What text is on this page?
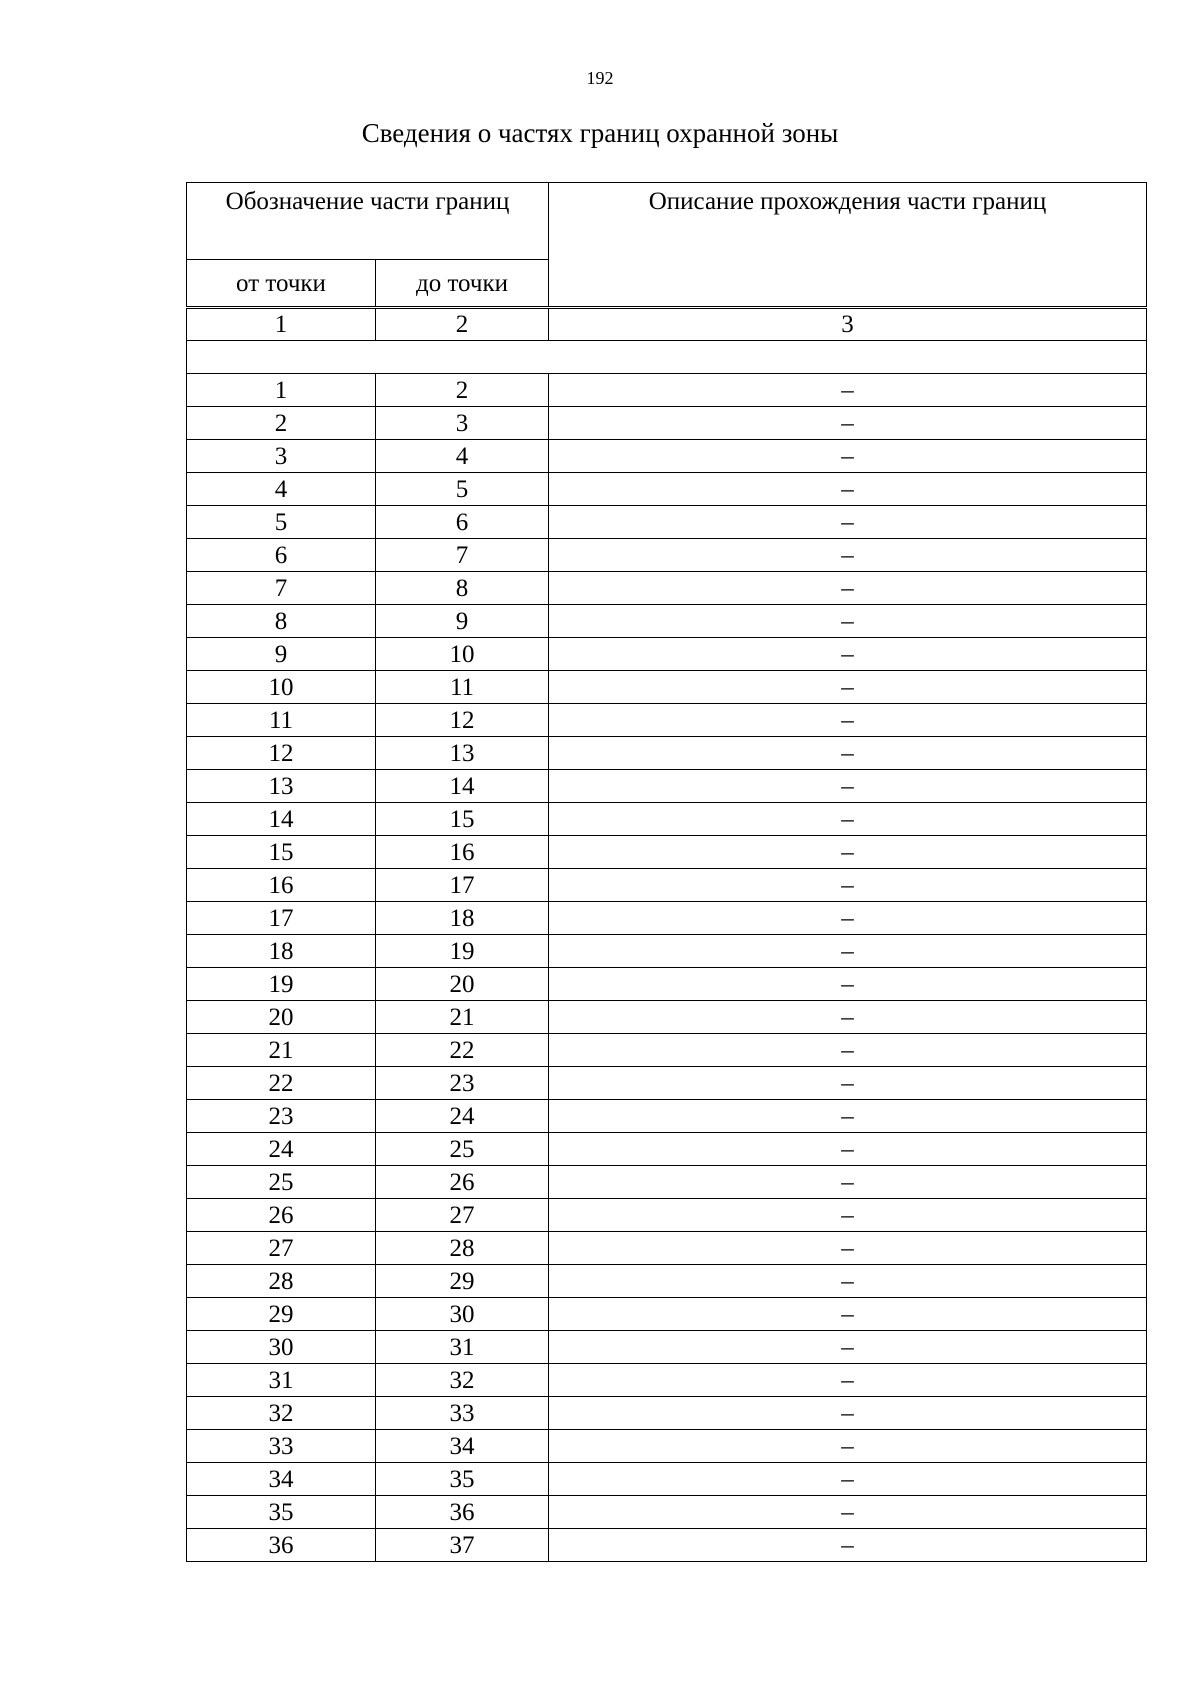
192
Сведения о частях границ охранной зоны
Обозначение части границ		Описание прохождения части границ
от точки	до точки	

1	2	3

1	2	–
2	3	–
3	4	–
4	5	–
5	6	–
6	7	–
7	8	–
8	9	–
9	10	–
10	11	–
11	12	–
12	13	–
13	14	–
14	15	–
15	16	–
16	17	–
17	18	–
18	19	–
19	20	–
20	21	–
21	22	–
22	23	–
23	24	–
24	25	–
25	26	–
26	27	–
27	28	–
28	29	–
29	30	–
30	31	–
31	32	–
32	33	–
33	34	–
34	35	–
35	36	–
36	37	–
